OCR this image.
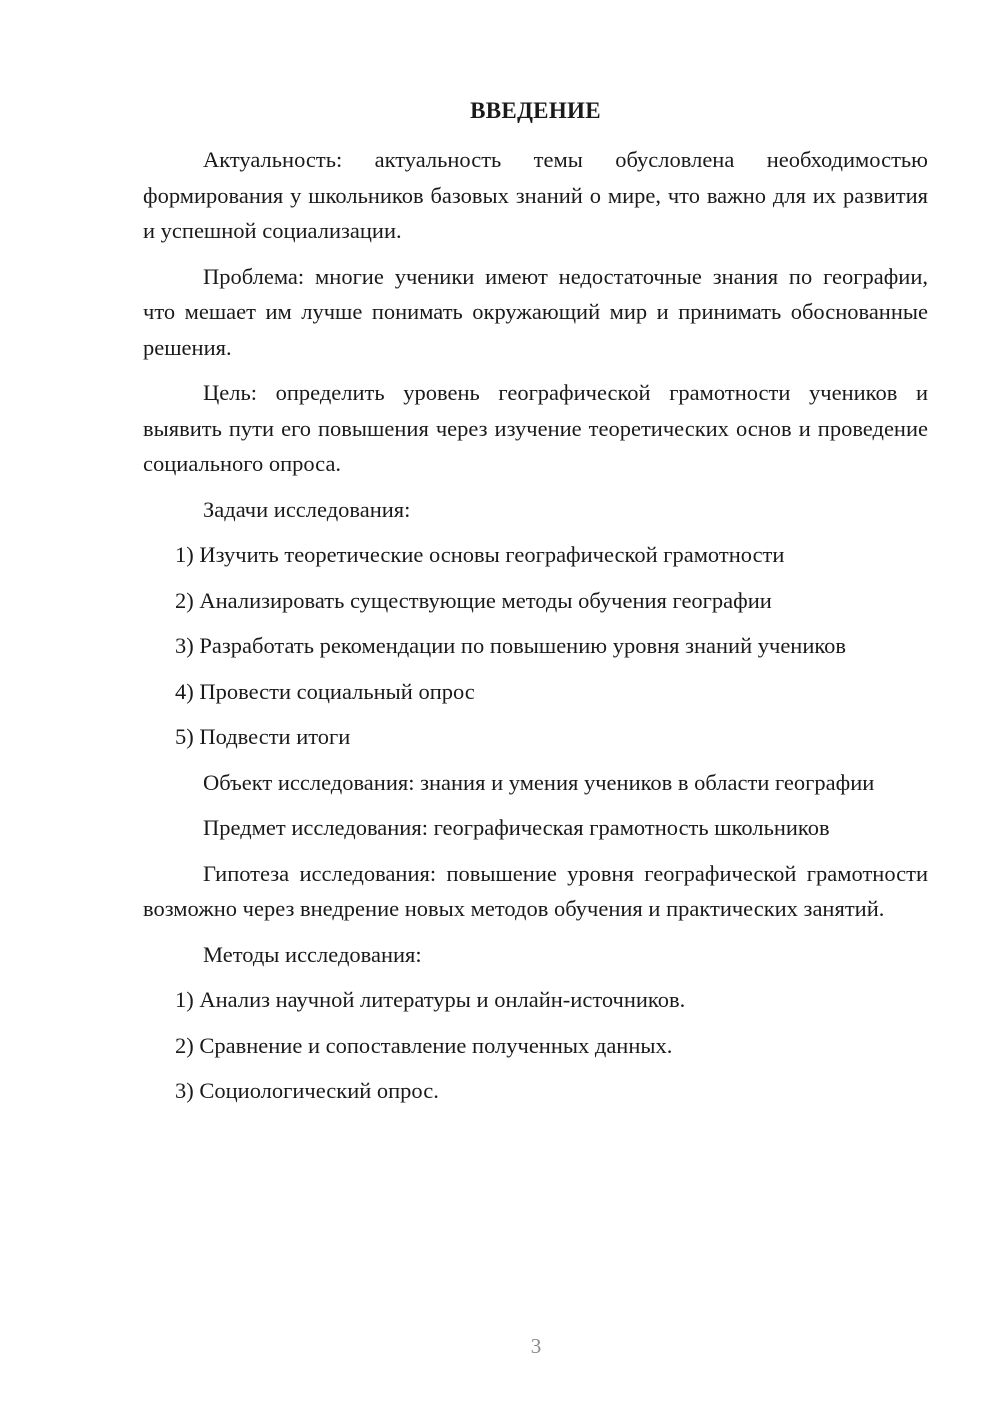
ВВЕДЕНИЕ

Актуальность: актуальность темы обусловлена необходимостью формирования у школьников базовых знаний о мире, что важно для их развития и успешной социализации.

Проблема: многие ученики имеют недостаточные знания по географии, что мешает им лучше понимать окружающий мир и принимать обоснованные решения.

Цель: определить уровень географической грамотности учеников и выявить пути его повышения через изучение теоретических основ и проведение социального опроса.

Задачи исследования:

1) Изучить теоретические основы географической грамотности
2) Анализировать существующие методы обучения географии
3) Разработать рекомендации по повышению уровня знаний учеников
4) Провести социальный опрос
5) Подвести итоги

Объект исследования: знания и умения учеников в области географии

Предмет исследования: географическая грамотность школьников

Гипотеза исследования: повышение уровня географической грамотности возможно через внедрение новых методов обучения и практических занятий.

Методы исследования:

1) Анализ научной литературы и онлайн-источников.
2) Сравнение и сопоставление полученных данных.
3) Социологический опрос.
3
